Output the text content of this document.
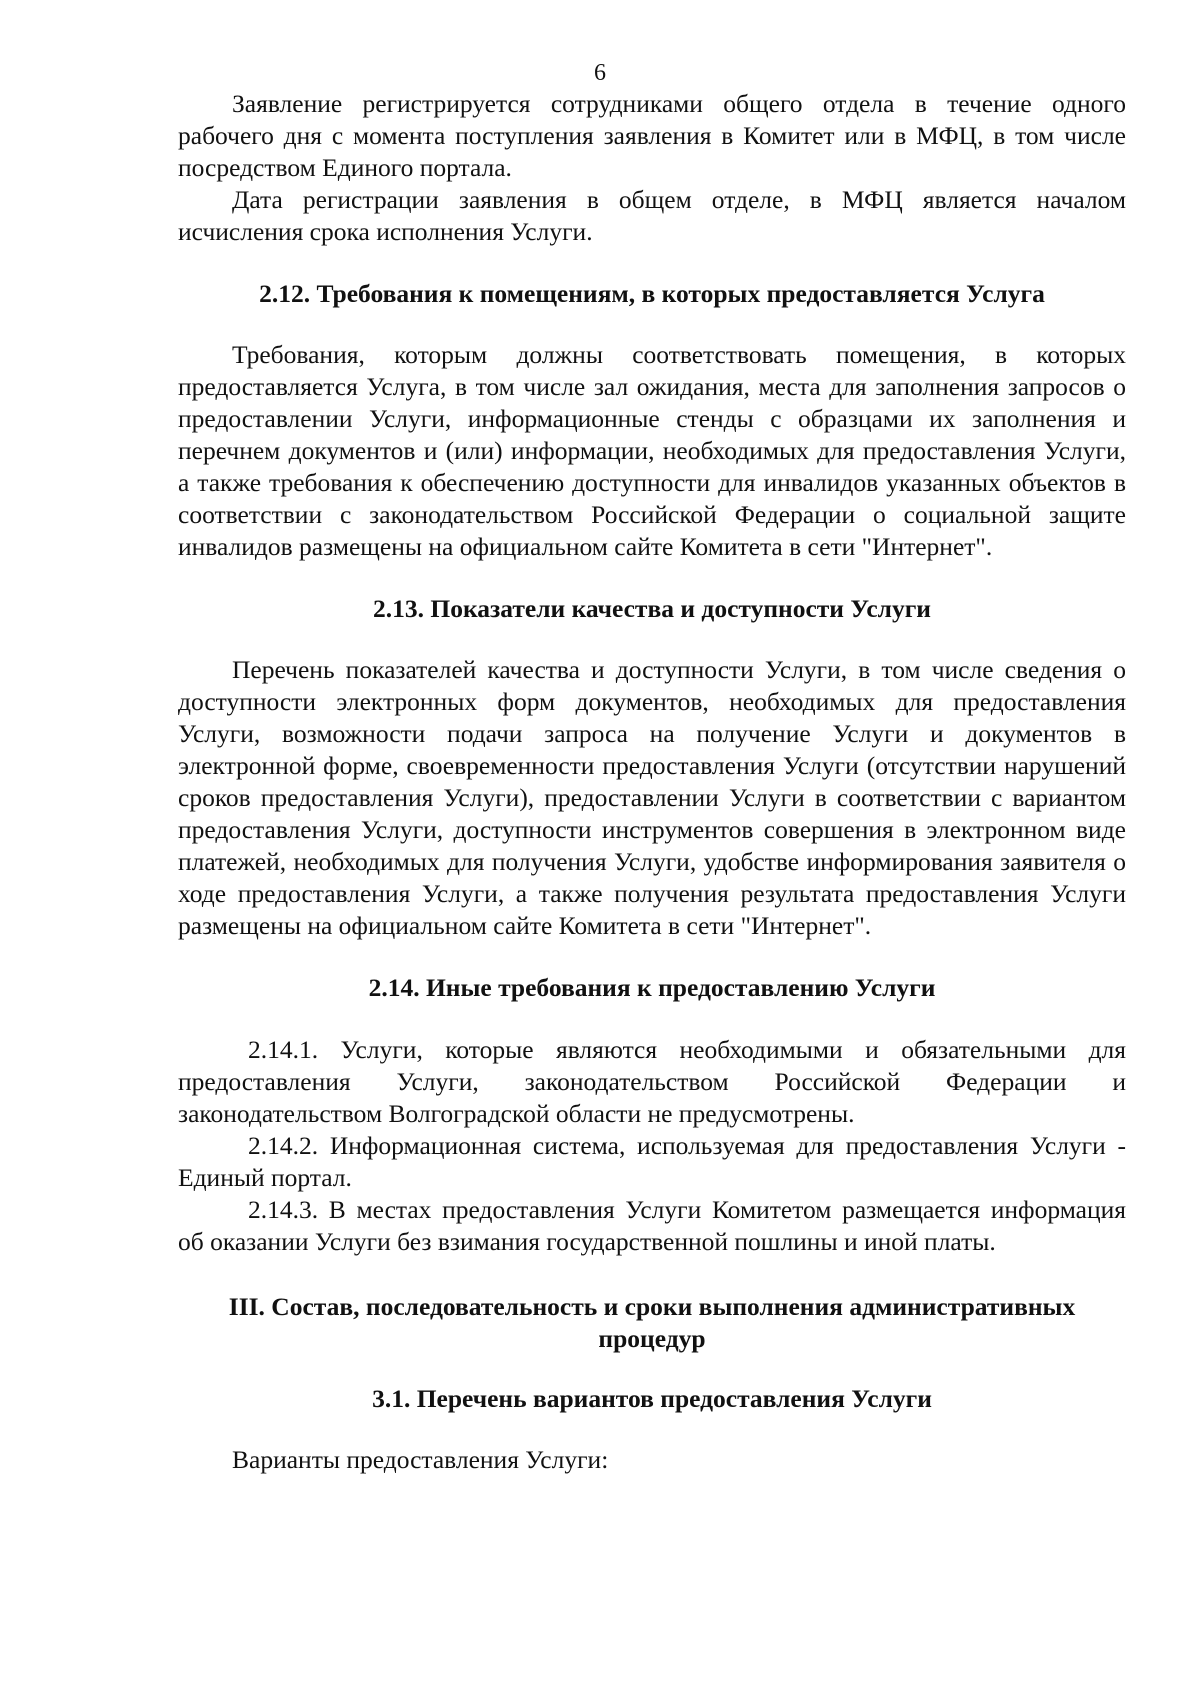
6

Заявление регистрируется сотрудниками общего отдела в течение одного рабочего дня с момента поступления заявления в Комитет или в МФЦ, в том числе посредством Единого портала.

Дата регистрации заявления в общем отделе, в МФЦ является началом исчисления срока исполнения Услуги.

2.12. Требования к помещениям, в которых предоставляется Услуга

Требования, которым должны соответствовать помещения, в которых предоставляется Услуга, в том числе зал ожидания, места для заполнения запросов о предоставлении Услуги, информационные стенды с образцами их заполнения и перечнем документов и (или) информации, необходимых для предоставления Услуги, а также требования к обеспечению доступности для инвалидов указанных объектов в соответствии с законодательством Российской Федерации о социальной защите инвалидов размещены на официальном сайте Комитета в сети "Интернет".

2.13. Показатели качества и доступности Услуги

Перечень показателей качества и доступности Услуги, в том числе сведения о доступности электронных форм документов, необходимых для предоставления Услуги, возможности подачи запроса на получение Услуги и документов в электронной форме, своевременности предоставления Услуги (отсутствии нарушений сроков предоставления Услуги), предоставлении Услуги в соответствии с вариантом предоставления Услуги, доступности инструментов совершения в электронном виде платежей, необходимых для получения Услуги, удобстве информирования заявителя о ходе предоставления Услуги, а также получения результата предоставления Услуги размещены на официальном сайте Комитета в сети "Интернет".

2.14. Иные требования к предоставлению Услуги

2.14.1. Услуги, которые являются необходимыми и обязательными для предоставления Услуги, законодательством Российской Федерации и законодательством Волгоградской области не предусмотрены.

2.14.2. Информационная система, используемая для предоставления Услуги - Единый портал.

2.14.3. В местах предоставления Услуги Комитетом размещается информация об оказании Услуги без взимания государственной пошлины и иной платы.

III. Состав, последовательность и сроки выполнения административных
процедур
3.1. Перечень вариантов предоставления Услуги

Варианты предоставления Услуги:
